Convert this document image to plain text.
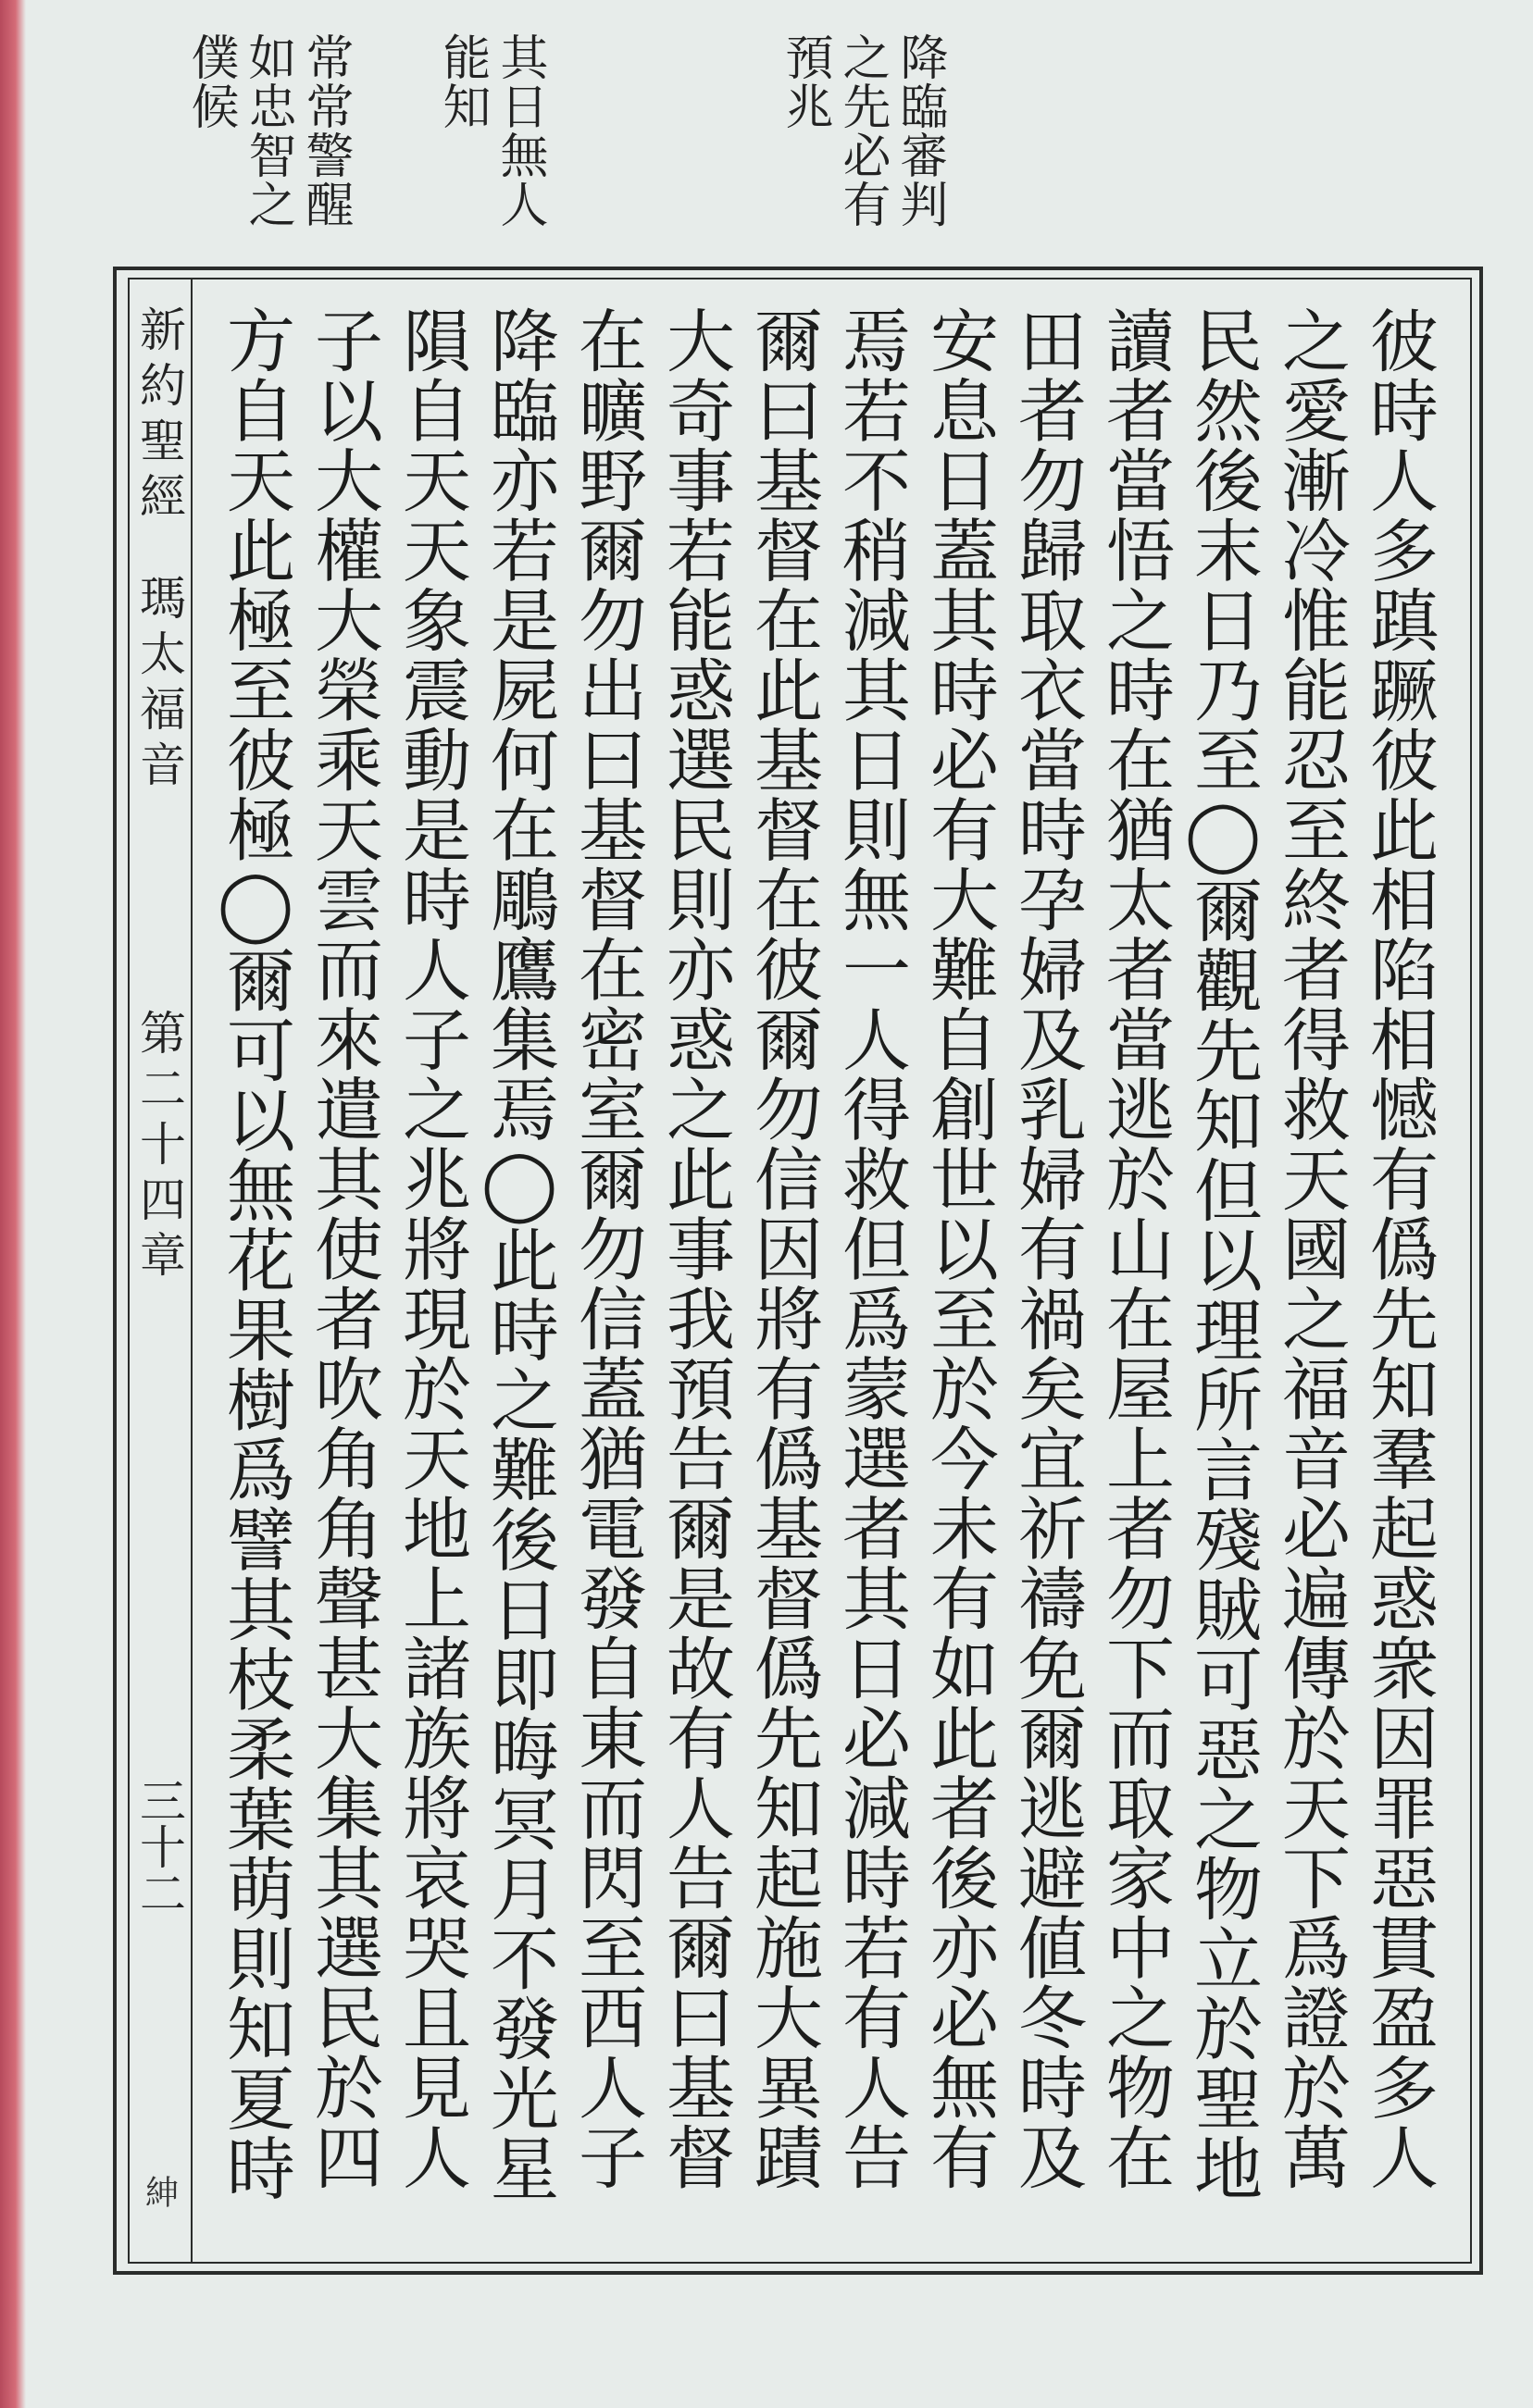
降臨審判之先必有預兆
其日無人能知
常常警醒如忠智之僕候
新約聖經
瑪太福音
第二十四章
三十二
紳
彼時人多蹎蹶彼此相陷相憾有僞先知羣起惑衆因罪惡貫盈多人之愛漸冷惟能忍至終者得救天國之福音必遍傳於天下爲證於萬民然後末日乃至◯爾觀先知但以理所言殘賊可惡之物立於聖地讀者當悟之時在猶太者當逃於山在屋上者勿下而取家中之物在田者勿歸取衣當時孕婦及乳婦有禍矣宜祈禱免爾逃避値冬時及安息日蓋其時必有大難自創世以至於今未有如此者後亦必無有焉若不稍減其日則無一人得救但爲蒙選者其日必減時若有人告爾曰基督在此基督在彼爾勿信因將有僞基督僞先知起施大異蹟大奇事若能惑選民則亦惑之此事我預告爾是故有人告爾曰基督在曠野爾勿出曰基督在密室爾勿信蓋猶電發自東而閃至西人子降臨亦若是屍何在鵰鷹集焉◯此時之難後日即晦冥月不發光星隕自天天象震動是時人子之兆將現於天地上諸族將哀哭且見人子以大權大榮乘天雲而來遣其使者吹角角聲甚大集其選民於四方自天此極至彼極◯爾可以無花果樹爲譬其枝柔葉萌則知夏時
